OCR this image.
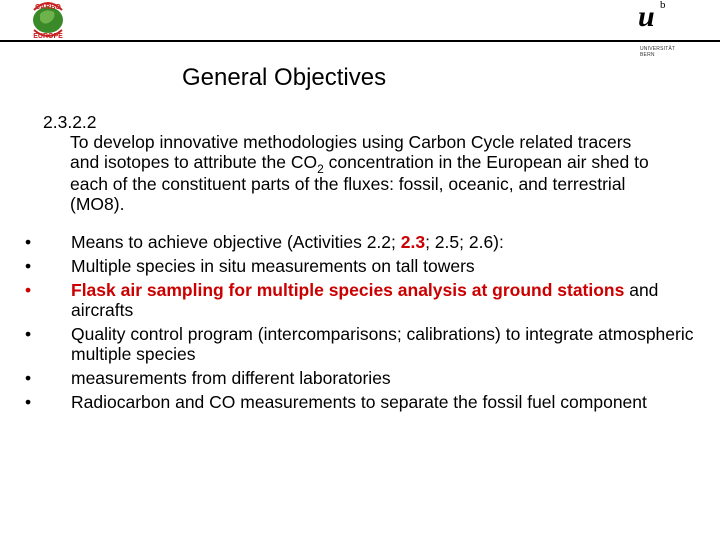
CARBO
EUROPE
u b
UNIVERSITÄT
BERN
General Objectives
2.3.2.2
To develop innovative methodologies using Carbon Cycle related tracers and isotopes to attribute the $CO_2$ concentration in the European air shed to each of the constituent parts of the fluxes: fossil, oceanic, and terrestrial (MO8).
•	Means to achieve objective (Activities 2.2; 2.3; 2.5; 2.6):
•	Multiple species in situ measurements on tall towers
•	Flask air sampling for multiple species analysis at ground stations and aircrafts
•	Quality control program (intercomparisons; calibrations) to integrate atmospheric multiple species
•	measurements from different laboratories
•	Radiocarbon and CO measurements to separate the fossil fuel component
